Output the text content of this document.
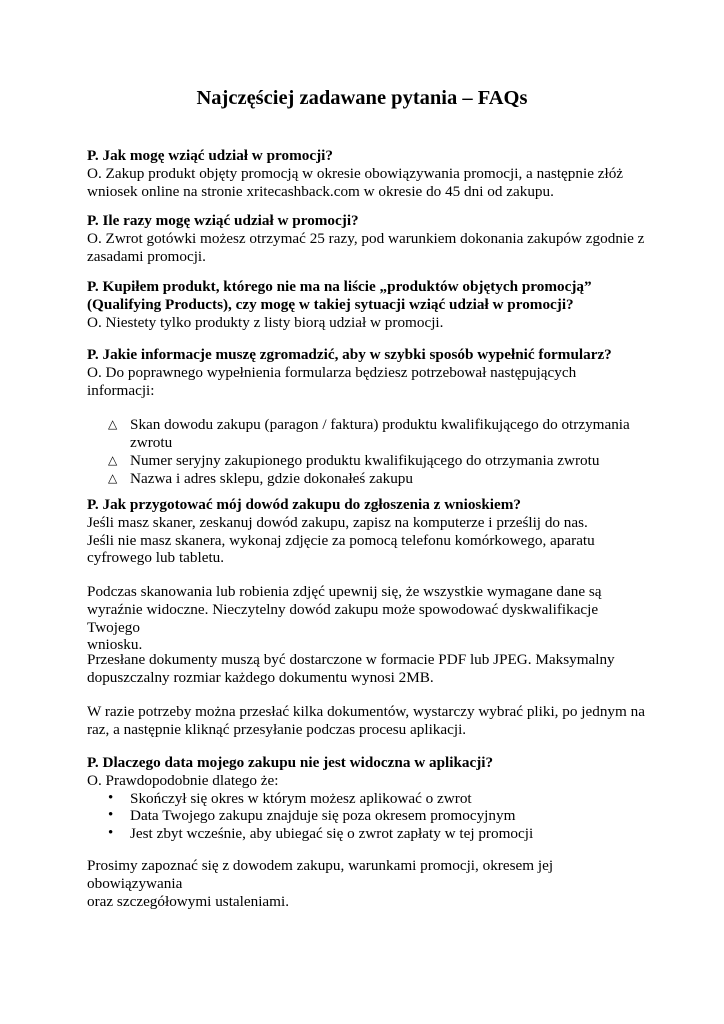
Najczęściej zadawane pytania – FAQs
P. Jak mogę wziąć udział w promocji?
O. Zakup produkt objęty promocją w okresie obowiązywania promocji, a następnie złóż
wniosek online na stronie xritecashback.com w okresie do 45 dni od zakupu.
P. Ile razy mogę wziąć udział w promocji?
O. Zwrot gotówki możesz otrzymać 25 razy, pod warunkiem dokonania zakupów zgodnie z
zasadami promocji.
P. Kupiłem produkt, którego nie ma na liście „produktów objętych promocją”
(Qualifying Products), czy mogę w takiej sytuacji wziąć udział w promocji?
O. Niestety tylko produkty z listy biorą udział w promocji.
P. Jakie informacje muszę zgromadzić, aby w szybki sposób wypełnić formularz?
O. Do poprawnego wypełnienia formularza będziesz potrzebował następujących informacji:
△ Skan dowodu zakupu (paragon / faktura) produktu kwalifikującego do otrzymania
zwrotu
△ Numer seryjny zakupionego produktu kwalifikującego do otrzymania zwrotu
△ Nazwa i adres sklepu, gdzie dokonałeś zakupu
P. Jak przygotować mój dowód zakupu do zgłoszenia z wnioskiem?
Jeśli masz skaner, zeskanuj dowód zakupu, zapisz na komputerze i prześlij do nas.
Jeśli nie masz skanera, wykonaj zdjęcie za pomocą telefonu komórkowego, aparatu
cyfrowego lub tabletu.
Podczas skanowania lub robienia zdjęć upewnij się, że wszystkie wymagane dane są
wyraźnie widoczne. Nieczytelny dowód zakupu może spowodować dyskwalifikacje Twojego
wniosku.
Przesłane dokumenty muszą być dostarczone w formacie PDF lub JPEG. Maksymalny
dopuszczalny rozmiar każdego dokumentu wynosi 2MB.
W razie potrzeby można przesłać kilka dokumentów, wystarczy wybrać pliki, po jednym na
raz, a następnie kliknąć przesyłanie podczas procesu aplikacji.
P. Dlaczego data mojego zakupu nie jest widoczna w aplikacji?
O. Prawdopodobnie dlatego że:
• Skończył się okres w którym możesz aplikować o zwrot
• Data Twojego zakupu znajduje się poza okresem promocyjnym
• Jest zbyt wcześnie, aby ubiegać się o zwrot zapłaty w tej promocji
Prosimy zapoznać się z dowodem zakupu, warunkami promocji, okresem jej obowiązywania
oraz szczegółowymi ustaleniami.
